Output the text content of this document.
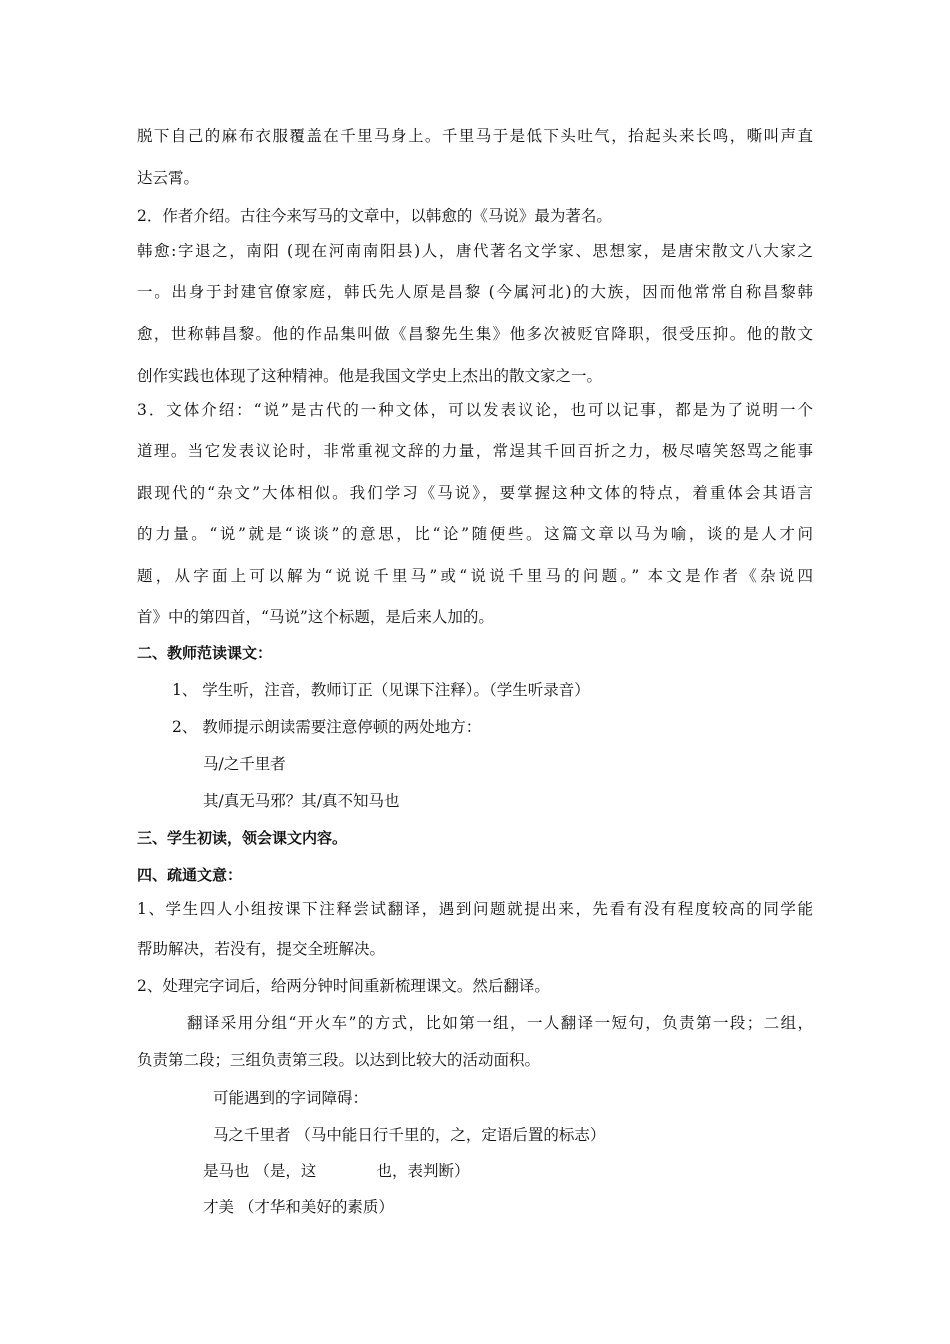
脱下自己的麻布衣服覆盖在千里马身上。千里马于是低下头吐气，抬起头来长鸣，嘶叫声直
达云霄。
2．作者介绍。古往今来写马的文章中，以韩愈的《马说》最为著名。
韩愈:字退之，南阳 (现在河南南阳县)人，唐代著名文学家、思想家，是唐宋散文八大家之
一。出身于封建官僚家庭，韩氏先人原是昌黎 (今属河北)的大族，因而他常常自称昌黎韩
愈，世称韩昌黎。他的作品集叫做《昌黎先生集》他多次被贬官降职，很受压抑。他的散文
创作实践也体现了这种精神。他是我国文学史上杰出的散文家之一。
3．文体介绍：“说”是古代的一种文体，可以发表议论，也可以记事，都是为了说明一个
道理。当它发表议论时，非常重视文辞的力量，常逞其千回百折之力，极尽嘻笑怒骂之能事
跟现代的“杂文”大体相似。我们学习《马说》，要掌握这种文体的特点，着重体会其语言
的力量。“说”就是“谈谈”的意思，比“论”随便些。这篇文章以马为喻，谈的是人才问
题，从字面上可以解为“说说千里马”或“说说千里马的问题。” 本文是作者《杂说四
首》中的第四首，“马说”这个标题，是后来人加的。
二、教师范读课文：
1、 学生听，注音，教师订正（见课下注释）。（学生听录音）
2、 教师提示朗读需要注意停顿的两处地方：
马/之千里者
其/真无马邪？其/真不知马也
三、学生初读，领会课文内容。
四、疏通文意：
1、学生四人小组按课下注释尝试翻译，遇到问题就提出来，先看有没有程度较高的同学能
帮助解决，若没有，提交全班解决。
2、处理完字词后，给两分钟时间重新梳理课文。然后翻译。
翻译采用分组“开火车”的方式，比如第一组，一人翻译一短句，负责第一段；二组，
负责第二段；三组负责第三段。以达到比较大的活动面积。
可能遇到的字词障碍：
马之千里者 （马中能日行千里的，之，定语后置的标志）
是马也 （是，这	也，表判断）
才美 （才华和美好的素质）
